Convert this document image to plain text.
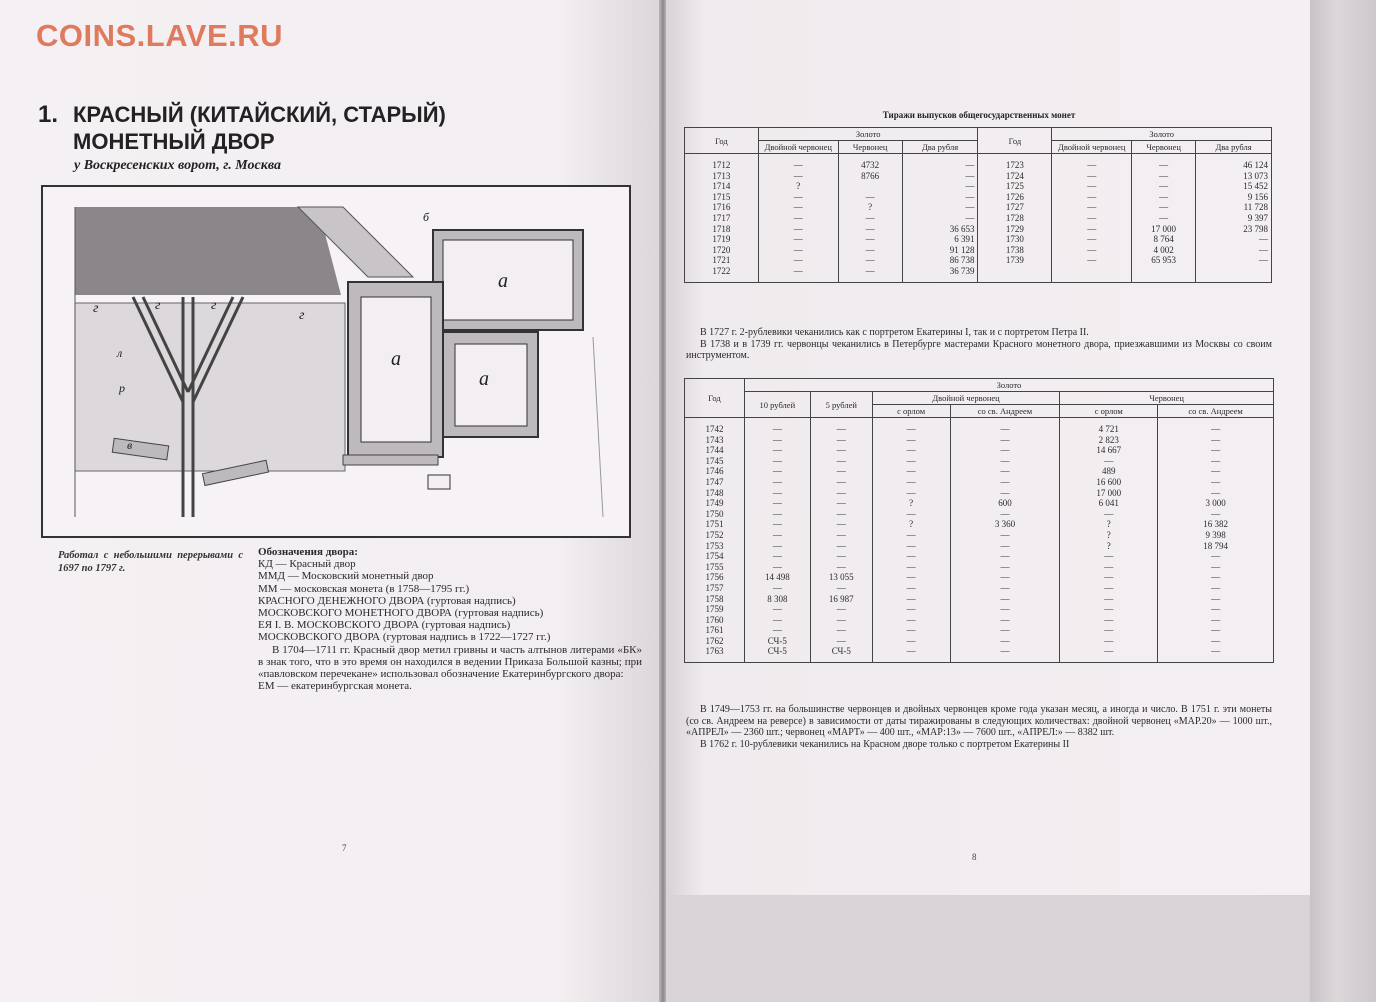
COINS.LAVE.RU
1. КРАСНЫЙ (КИТАЙСКИЙ, СТАРЫЙ)
МОНЕТНЫЙ ДВОР
у Воскресенских ворот, г. Москва
г	г	г
г
л
р
в
б
а
а
а
Работал с небольшими перерывами с 1697 по 1797 г.
Обозначения двора:
КД — Красный двор
ММД — Московский монетный двор
ММ — московская монета (в 1758—1795 гг.)
КРАСНОГО ДЕНЕЖНОГО ДВОРА (гуртовая надпись)
МОСКОВСКОГО МОНЕТНОГО ДВОРА (гуртовая надпись)
ЕЯ І. В. МОСКОВСКОГО ДВОРА (гуртовая надпись)
МОСКОВСКОГО ДВОРА (гуртовая надпись в 1722—1727 гг.)
В 1704—1711 гг. Красный двор метил гривны и часть алтынов литерами «БК» в знак того, что в это время он находился в ведении Приказа Большой казны; при «павловском перечекане» использовал обозначение Екатеринбургского двора:
ЕМ — екатеринбургская монета.
7
Тиражи выпусков общегосударственных монет
Год	Золото			Год	Золото		
	Двойной червонец	Червонец	Два рубля		Двойной червонец	Червонец	Два рубля
1712	—	4732	—	1723	—	—	46 124
1713	—	8766	—	1724	—	—	13 073
1714	?		—	1725	—	—	15 452
1715	—	—	—	1726	—	—	9 156
1716	—	?	—	1727	—	—	11 728
1717	—	—	—	1728	—	—	9 397
1718	—	—	36 653	1729	—	17 000	23 798
1719	—	—	6 391	1730	—	8 764	—
1720	—	—	91 128	1738	—	4 002	—
1721	—	—	86 738	1739	—	65 953	—
1722	—	—	36 739				
В 1727 г. 2-рублевики чеканились как с портретом Екатерины I, так и с портретом Петра II.
В 1738 и в 1739 гг. червонцы чеканились в Петербурге мастерами Красного монетного двора, приезжавшими из Москвы со своим инструментом.
Год	Золото					
	10 рублей	5 рублей	Двойной червонец		Червонец	
			с орлом	со св. Андреем	с орлом	со св. Андреем
1742	—	—	—	—	4 721	—
1743	—	—	—	—	2 823	—
1744	—	—	—	—	14 667	—
1745	—	—	—	—	—	—
1746	—	—	—	—	489	—
1747	—	—	—	—	16 600	—
1748	—	—	—	—	17 000	—
1749	—	—	?	600	6 041	3 000
1750	—	—	—	—	—	—
1751	—	—	?	3 360	?	16 382
1752	—	—	—	—	?	9 398
1753	—	—	—	—	?	18 794
1754	—	—	—	—	—	—
1755	—	—	—	—	—	—
1756	14 498	13 055	—	—	—	—
1757	—	—	—	—	—	—
1758	8 308	16 987	—	—	—	—
1759	—	—	—	—	—	—
1760	—	—	—	—	—	—
1761	—	—	—	—	—	—
1762	СЧ-5	—	—	—	—	—
1763	СЧ-5	СЧ-5	—	—	—	—
В 1749—1753 гг. на большинстве червонцев и двойных червонцев кроме года указан месяц, а иногда и число. В 1751 г. эти монеты (со св. Андреем на реверсе) в зависимости от даты тиражированы в следующих количествах: двойной червонец «МАР.20» — 1000 шт., «АПРЕЛ» — 2360 шт.; червонец «МАРТ» — 400 шт., «МАР:13» — 7600 шт., «АПРЕЛ:» — 8382 шт.
В 1762 г. 10-рублевики чеканились на Красном дворе только с портретом Екатерины II
8
